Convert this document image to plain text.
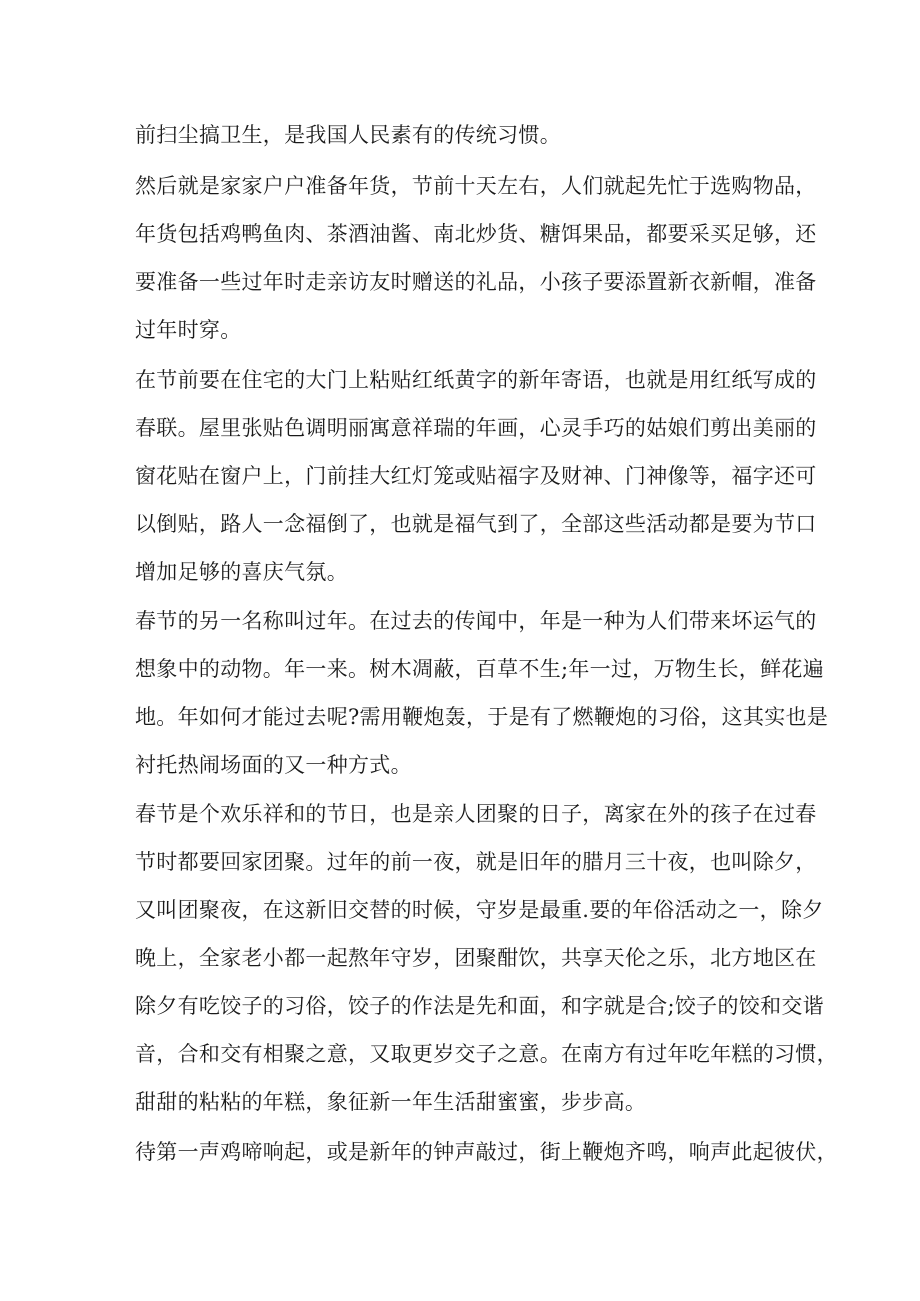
前扫尘搞卫生，是我国人民素有的传统习惯。
然后就是家家户户准备年货，节前十天左右，人们就起先忙于选购物品，
年货包括鸡鸭鱼肉、茶酒油酱、南北炒货、糖饵果品，都要采买足够，还
要准备一些过年时走亲访友时赠送的礼品，小孩子要添置新衣新帽，准备
过年时穿。
在节前要在住宅的大门上粘贴红纸黄字的新年寄语，也就是用红纸写成的
春联。屋里张贴色调明丽寓意祥瑞的年画，心灵手巧的姑娘们剪出美丽的
窗花贴在窗户上，门前挂大红灯笼或贴福字及财神、门神像等，福字还可
以倒贴，路人一念福倒了，也就是福气到了，全部这些活动都是要为节口
增加足够的喜庆气氛。
春节的另一名称叫过年。在过去的传闻中，年是一种为人们带来坏运气的
想象中的动物。年一来。树木凋蔽，百草不生;年一过，万物生长，鲜花遍
地。年如何才能过去呢?需用鞭炮轰，于是有了燃鞭炮的习俗，这其实也是
衬托热闹场面的又一种方式。
春节是个欢乐祥和的节日，也是亲人团聚的日子，离家在外的孩子在过春
节时都要回家团聚。过年的前一夜，就是旧年的腊月三十夜，也叫除夕，
又叫团聚夜，在这新旧交替的时候，守岁是最重.要的年俗活动之一，除夕
晚上，全家老小都一起熬年守岁，团聚酣饮，共享天伦之乐，北方地区在
除夕有吃饺子的习俗，饺子的作法是先和面，和字就是合;饺子的饺和交谐
音，合和交有相聚之意，又取更岁交子之意。在南方有过年吃年糕的习惯，
甜甜的粘粘的年糕，象征新一年生活甜蜜蜜，步步高。
待第一声鸡啼响起，或是新年的钟声敲过，街上鞭炮齐鸣，响声此起彼伏，
